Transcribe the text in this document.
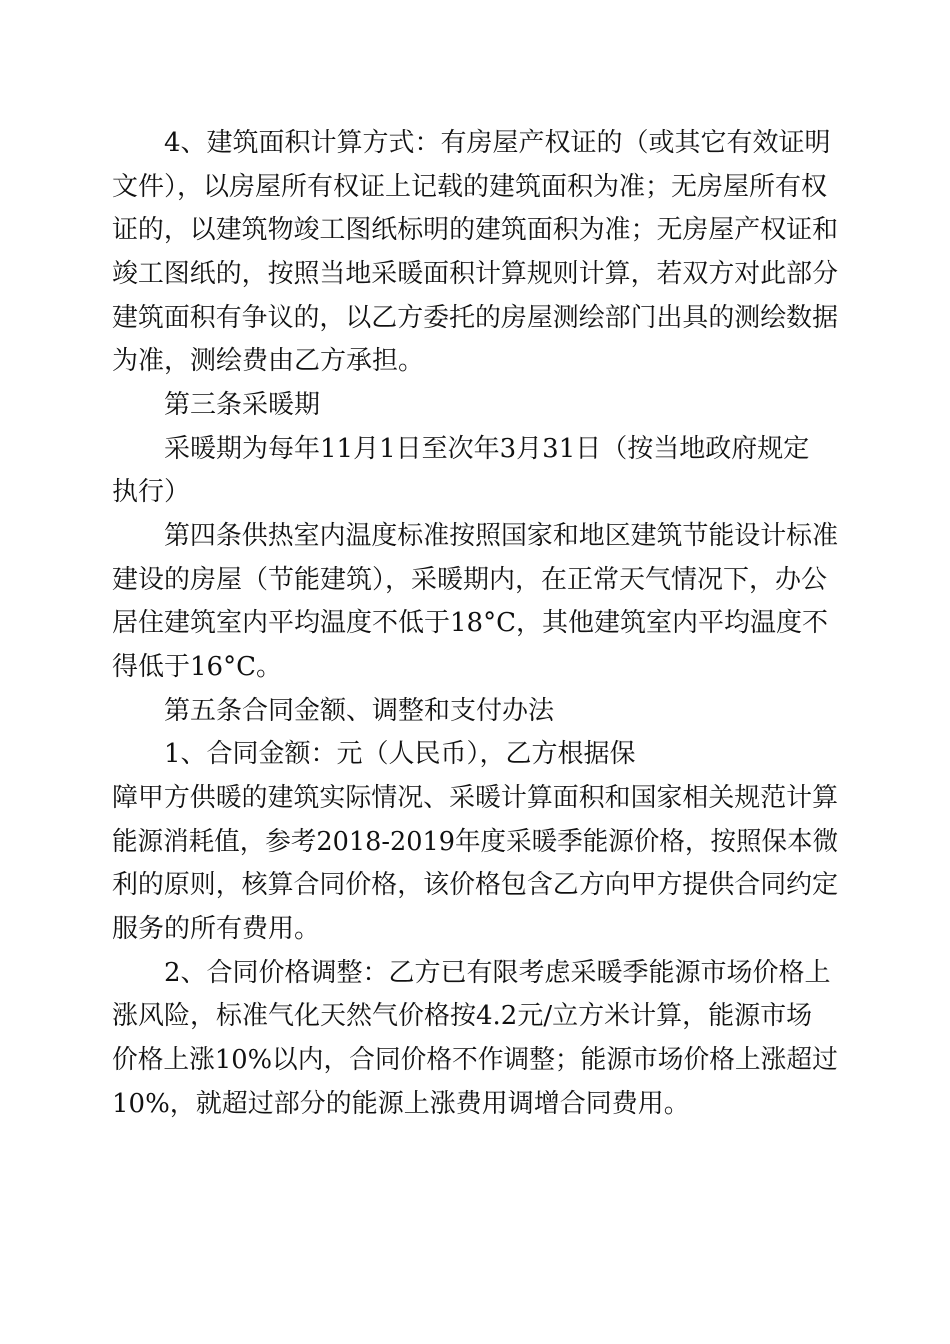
4、建筑面积计算方式：有房屋产权证的（或其它有效证明
文件），以房屋所有权证上记载的建筑面积为准；无房屋所有权
证的，以建筑物竣工图纸标明的建筑面积为准；无房屋产权证和
竣工图纸的，按照当地采暖面积计算规则计算，若双方对此部分
建筑面积有争议的，以乙方委托的房屋测绘部门出具的测绘数据
为准，测绘费由乙方承担。
第三条采暖期
采暖期为每年11月1日至次年3月31日（按当地政府规定
执行）
第四条供热室内温度标准按照国家和地区建筑节能设计标准
建设的房屋（节能建筑），采暖期内，在正常天气情况下，办公
居住建筑室内平均温度不低于18°C，其他建筑室内平均温度不
得低于16°C。
第五条合同金额、调整和支付办法
1、合同金额：元（人民币），乙方根据保
障甲方供暖的建筑实际情况、采暖计算面积和国家相关规范计算
能源消耗值，参考2018-2019年度采暖季能源价格，按照保本微
利的原则，核算合同价格，该价格包含乙方向甲方提供合同约定
服务的所有费用。
2、合同价格调整：乙方已有限考虑采暖季能源市场价格上
涨风险，标准气化天然气价格按4.2元/立方米计算，能源市场
价格上涨10%以内，合同价格不作调整；能源市场价格上涨超过
10%，就超过部分的能源上涨费用调增合同费用。
